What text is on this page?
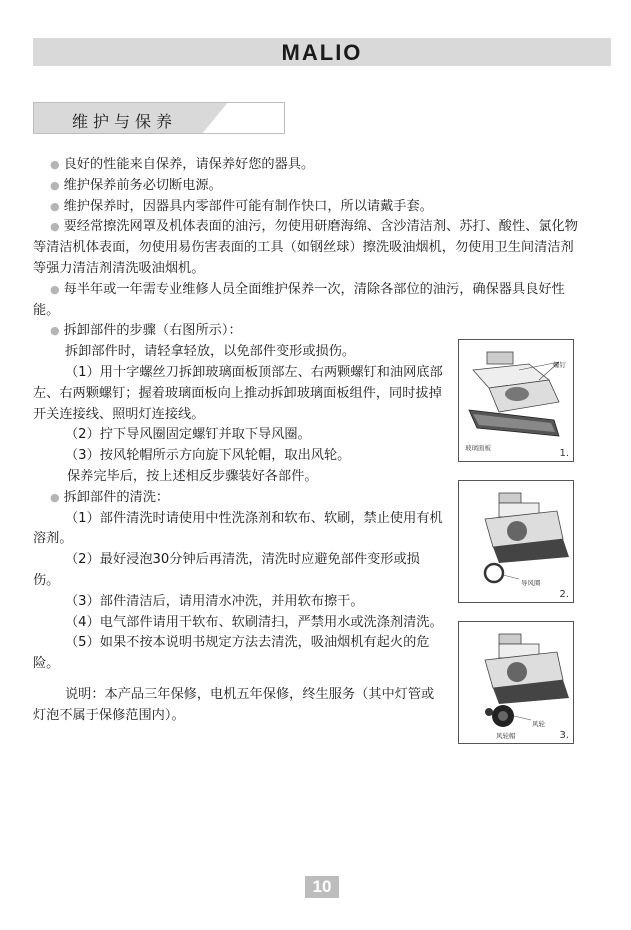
MALIO
维护与保养

● 良好的性能来自保养，请保养好您的器具。

● 维护保养前务必切断电源。

● 维护保养时，因器具内零部件可能有制作快口，所以请戴手套。

● 要经常擦洗网罩及机体表面的油污，勿使用研磨海绵、含沙清洁剂、苏打、酸性、氯化物等清洁机体表面，勿使用易伤害表面的工具（如钢丝球）擦洗吸油烟机，勿使用卫生间清洁剂等强力清洁剂清洗吸油烟机。

● 每半年或一年需专业维修人员全面维护保养一次，清除各部位的油污，确保器具良好性能。

● 拆卸部件的步骤（右图所示）：

拆卸部件时，请轻拿轻放，以免部件变形或损伤。

（1）用十字螺丝刀拆卸玻璃面板顶部左、右两颗螺钉和油网底部左、右两颗螺钉；握着玻璃面板向上推动拆卸玻璃面板组件，同时拔掉开关连接线、照明灯连接线。

（2）拧下导风圈固定螺钉并取下导风圈。

（3）按风轮帽所示方向旋下风轮帽，取出风轮。

保养完毕后，按上述相反步骤装好各部件。

● 拆卸部件的清洗：

（1）部件清洗时请使用中性洗涤剂和软布、软刷，禁止使用有机溶剂。

（2）最好浸泡30分钟后再清洗，清洗时应避免部件变形或损伤。

（3）部件清洁后，请用清水冲洗，并用软布擦干。

（4）电气部件请用干软布、软刷清扫，严禁用水或洗涤剂清洗。

（5）如果不按本说明书规定方法去清洗，吸油烟机有起火的危险。

说明：本产品三年保修，电机五年保修，终生服务（其中灯管或灯泡不属于保修范围内）。

螺钉
玻璃面板	1.
导风圈
2.
风轮
风轮帽	3.
10
